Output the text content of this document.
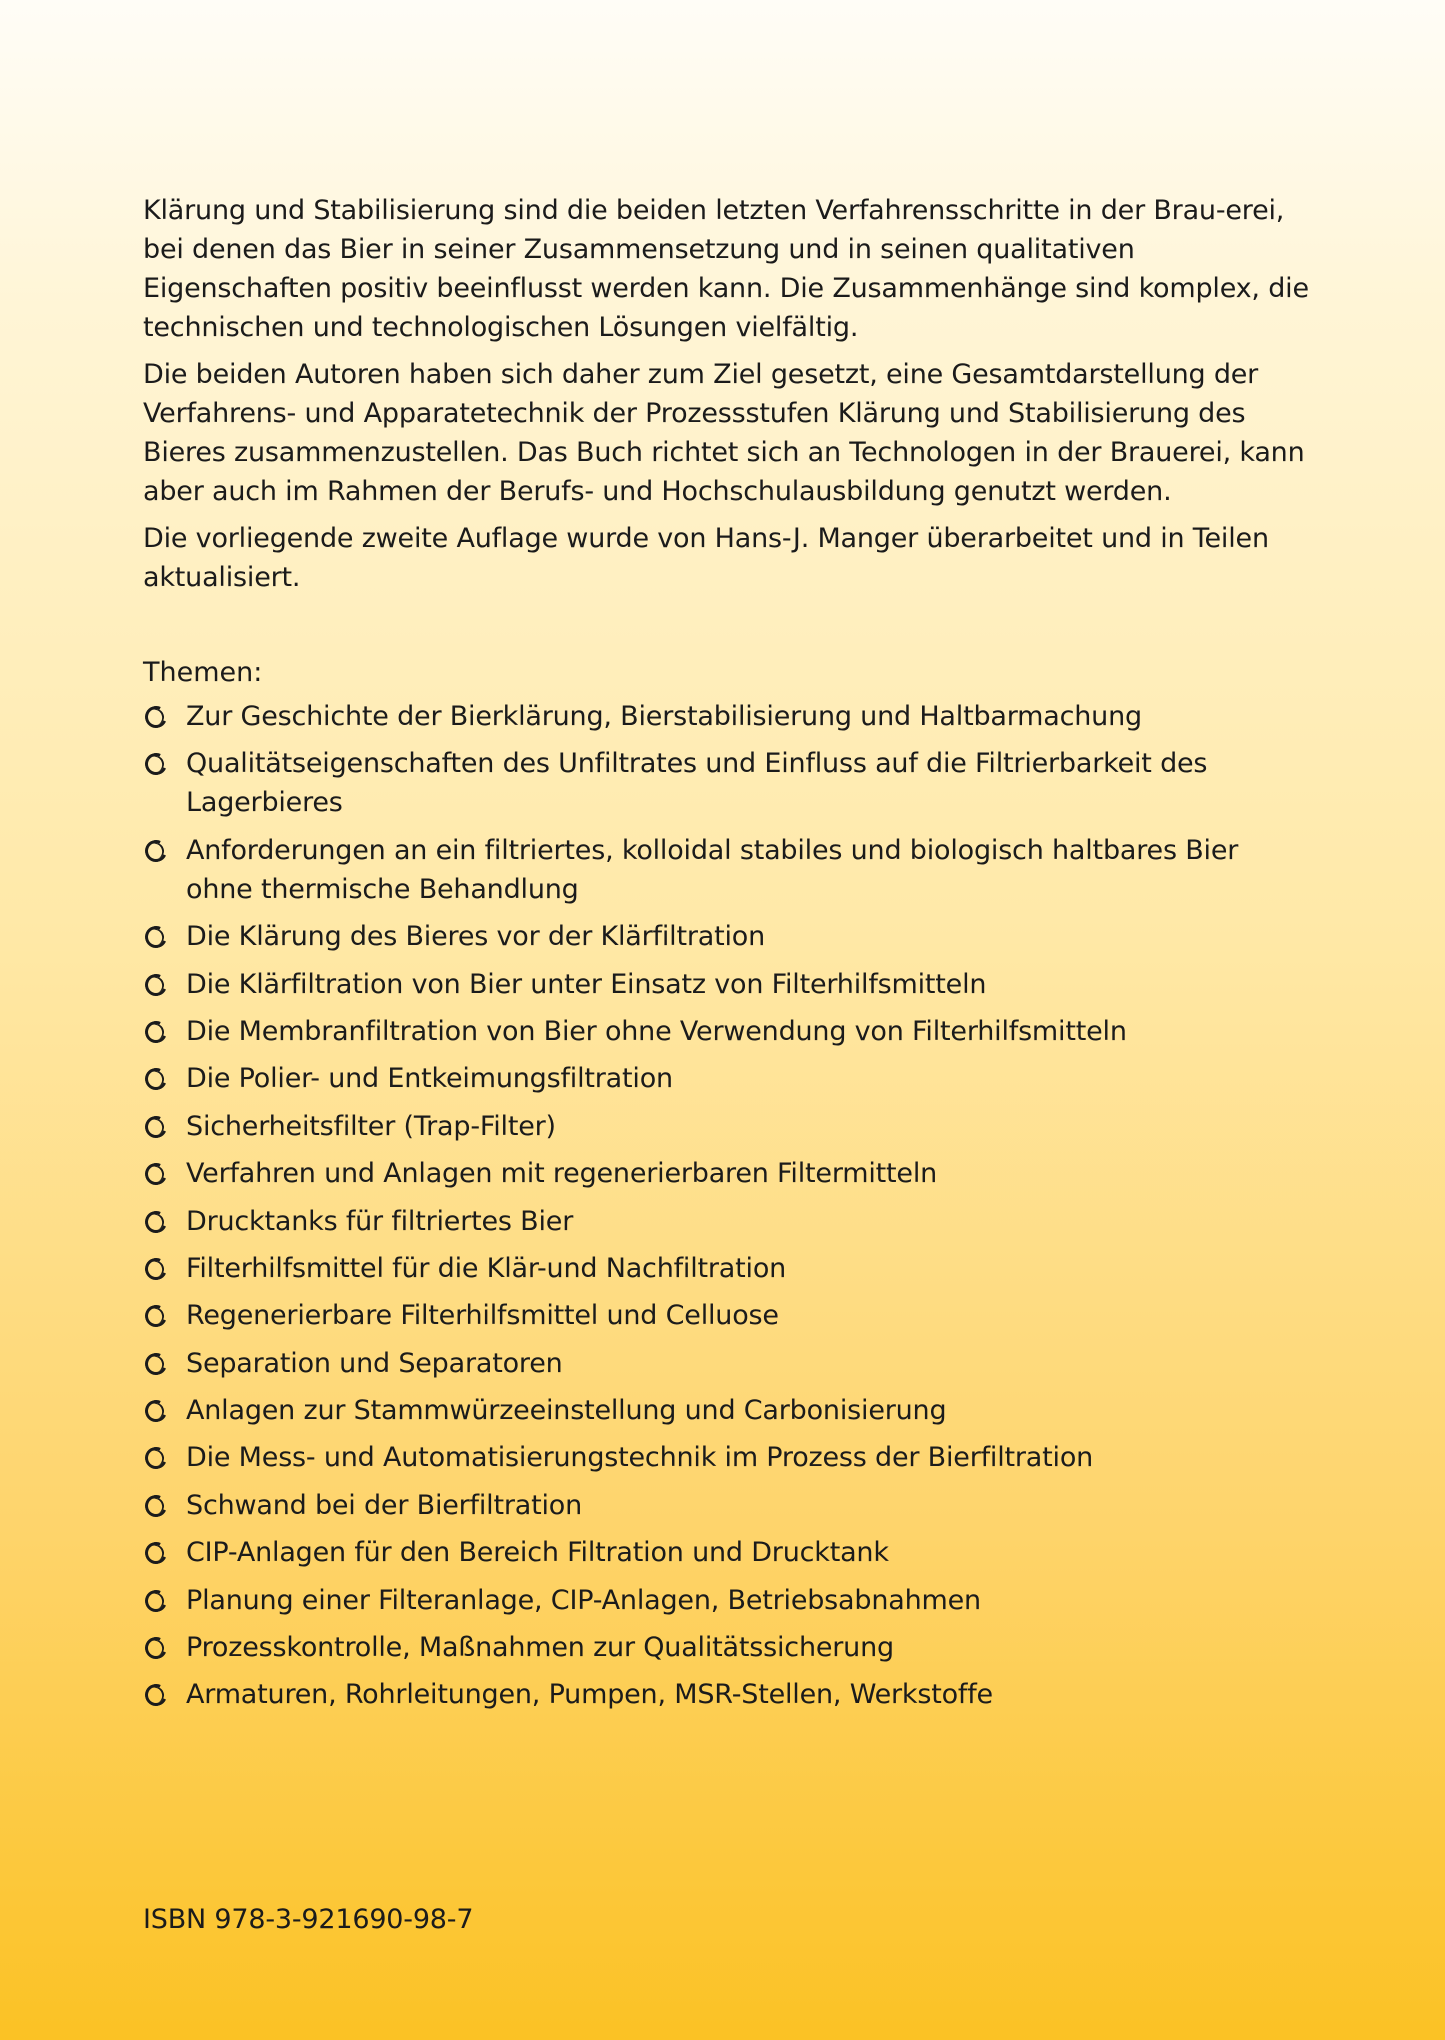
Klärung und Stabilisierung sind die beiden letzten Verfahrensschritte in der Brau-erei, bei denen das Bier in seiner Zusammensetzung und in seinen qualitativen Eigenschaften positiv beeinflusst werden kann. Die Zusammenhänge sind komplex, die technischen und technologischen Lösungen vielfältig.

Die beiden Autoren haben sich daher zum Ziel gesetzt, eine Gesamtdarstellung der Verfahrens- und Apparatetechnik der Prozessstufen Klärung und Stabilisierung des Bieres zusammenzustellen. Das Buch richtet sich an Technologen in der Brauerei, kann aber auch im Rahmen der Berufs- und Hochschulausbildung genutzt werden.

Die vorliegende zweite Auflage wurde von Hans-J. Manger überarbeitet und in Teilen aktualisiert.

Themen:
Zur Geschichte der Bierklärung, Bierstabilisierung und Haltbarmachung
Qualitätseigenschaften des Unfiltrates und Einfluss auf die Filtrierbarkeit des Lagerbieres
Anforderungen an ein filtriertes, kolloidal stabiles und biologisch haltbares Bier ohne thermische Behandlung
Die Klärung des Bieres vor der Klärfiltration
Die Klärfiltration von Bier unter Einsatz von Filterhilfsmitteln
Die Membranfiltration von Bier ohne Verwendung von Filterhilfsmitteln
Die Polier- und Entkeimungsfiltration
Sicherheitsfilter (Trap-Filter)
Verfahren und Anlagen mit regenerierbaren Filtermitteln
Drucktanks für filtriertes Bier
Filterhilfsmittel für die Klär-und Nachfiltration
Regenerierbare Filterhilfsmittel und Celluose
Separation und Separatoren
Anlagen zur Stammwürzeeinstellung und Carbonisierung
Die Mess- und Automatisierungstechnik im Prozess der Bierfiltration
Schwand bei der Bierfiltration
CIP-Anlagen für den Bereich Filtration und Drucktank
Planung einer Filteranlage, CIP-Anlagen, Betriebsabnahmen
Prozesskontrolle, Maßnahmen zur Qualitätssicherung
Armaturen, Rohrleitungen, Pumpen, MSR-Stellen, Werkstoffe
ISBN 978-3-921690-98-7
